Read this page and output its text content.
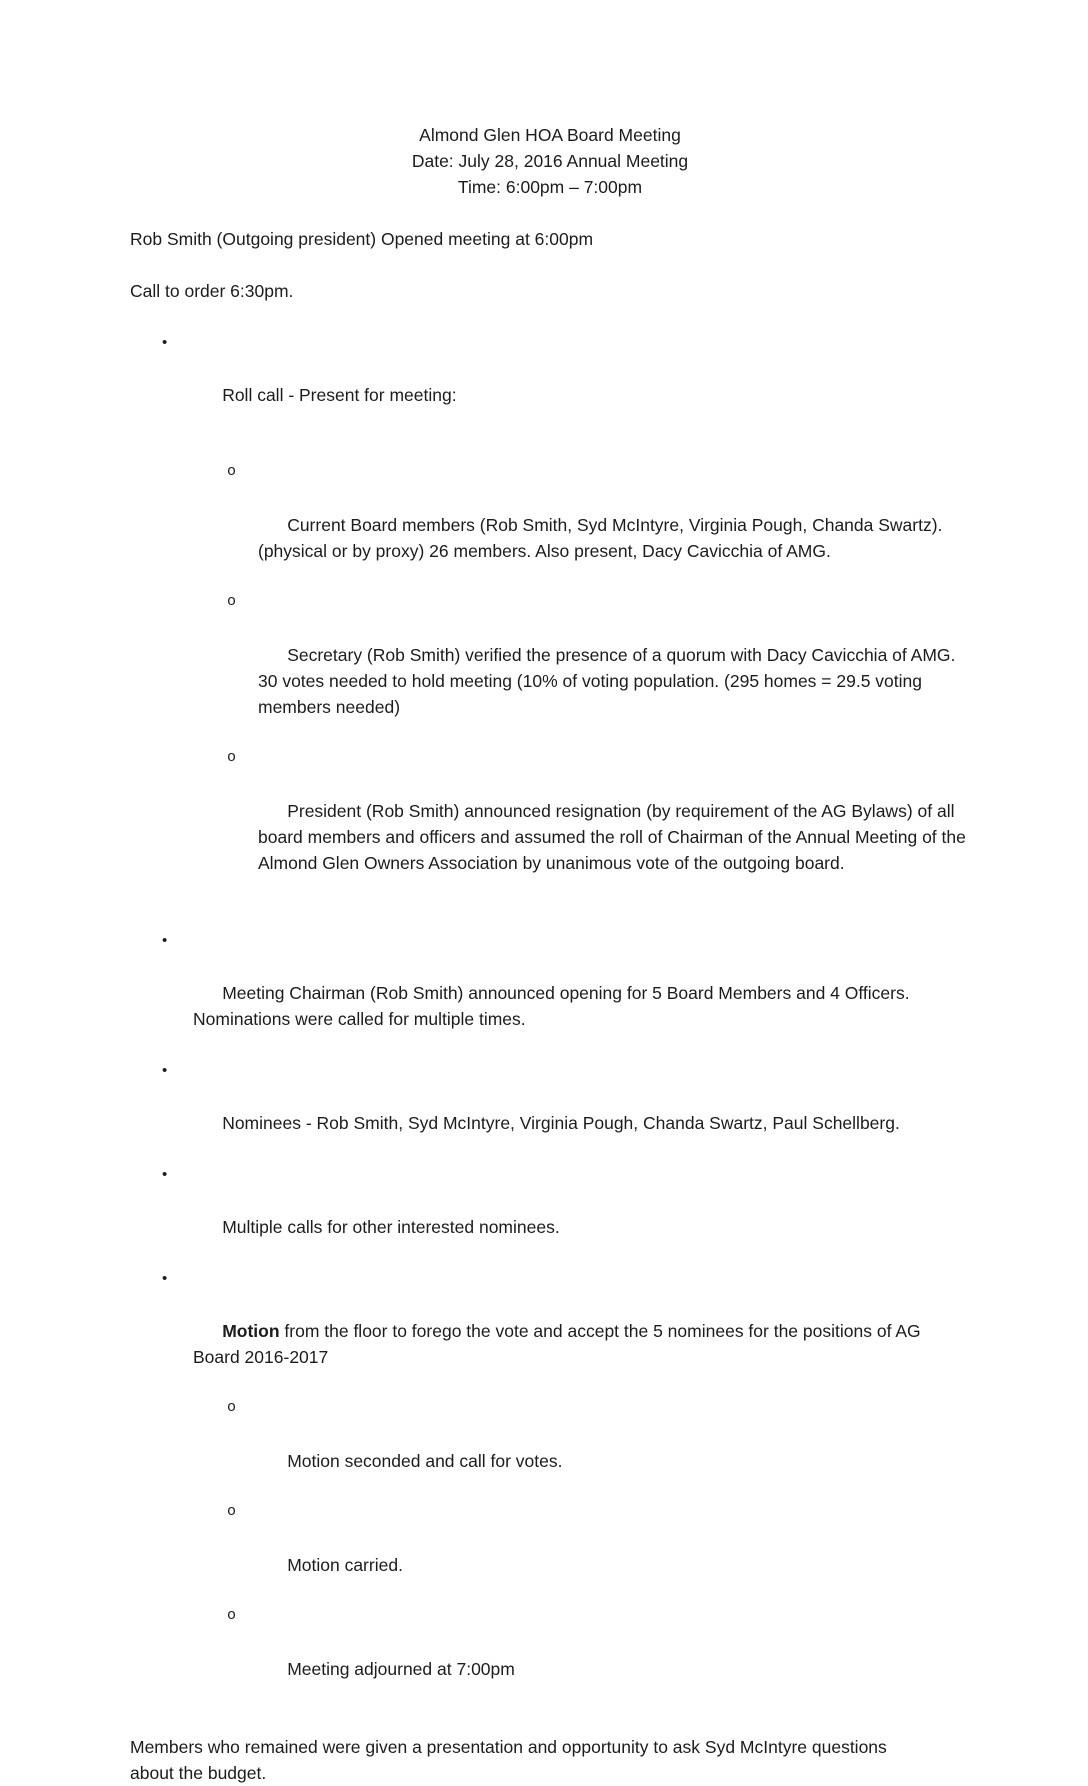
Almond Glen HOA Board Meeting
Date: July 28, 2016 Annual Meeting
Time: 6:00pm – 7:00pm
Rob Smith (Outgoing president) Opened meeting at 6:00pm
Call to order 6:30pm.

•

Roll call - Present for meeting:

o

Current Board members (Rob Smith, Syd McIntyre, Virginia Pough, Chanda Swartz).  (physical or by proxy) 26 members. Also present, Dacy Cavicchia of AMG.

o

Secretary (Rob Smith) verified the presence of a quorum with Dacy Cavicchia of AMG. 30 votes needed to hold meeting (10% of voting population. (295 homes = 29.5 voting members needed)

o

President (Rob Smith) announced resignation (by requirement of the AG Bylaws) of all board members and officers and assumed the roll of Chairman of the Annual Meeting of the Almond Glen Owners Association by unanimous vote of the outgoing board.

•

Meeting Chairman (Rob Smith) announced opening for 5 Board Members and 4 Officers. Nominations were called for multiple times.

•

Nominees - Rob Smith, Syd McIntyre, Virginia Pough, Chanda Swartz, Paul Schellberg.

•

Multiple calls for other interested nominees.

•

Motion from the floor to forego the vote and accept the 5 nominees for the positions of AG Board 2016-2017

o

Motion seconded and call for votes.

o

Motion carried.

o

Meeting adjourned at 7:00pm

Members who remained were given a presentation and opportunity to ask Syd McIntyre questions about the budget.
